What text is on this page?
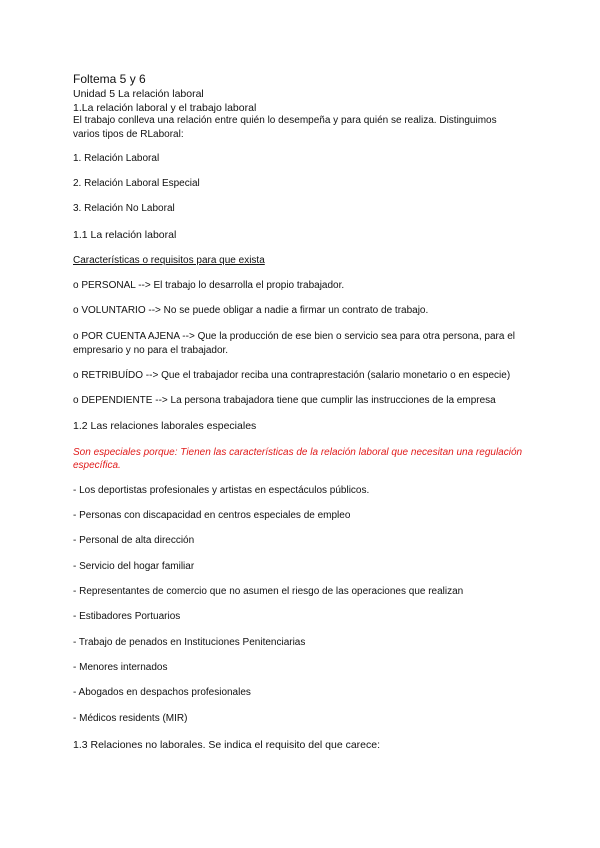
Foltema 5 y 6
Unidad 5 La relación laboral
1.La relación laboral y el trabajo laboral
El trabajo conlleva una relación entre quién lo desempeña y para quién se realiza. Distinguimos
varios tipos de RLaboral:
1. Relación Laboral
2. Relación Laboral Especial
3. Relación No Laboral
1.1 La relación laboral
Características o requisitos para que exista
o PERSONAL --> El trabajo lo desarrolla el propio trabajador.
o VOLUNTARIO --> No se puede obligar a nadie a firmar un contrato de trabajo.
o POR CUENTA AJENA --> Que la producción de ese bien o servicio sea para otra persona, para el
empresario y no para el trabajador.
o RETRIBUÍDO --> Que el trabajador reciba una contraprestación (salario monetario o en especie)
o DEPENDIENTE --> La persona trabajadora tiene que cumplir las instrucciones de la empresa
1.2 Las relaciones laborales especiales
Son especiales porque: Tienen las características de la relación laboral que necesitan una regulación
específica.
- Los deportistas profesionales y artistas en espectáculos públicos.
- Personas con discapacidad en centros especiales de empleo
- Personal de alta dirección
- Servicio del hogar familiar
- Representantes de comercio que no asumen el riesgo de las operaciones que realizan
- Estibadores Portuarios
- Trabajo de penados en Instituciones Penitenciarias
- Menores internados
- Abogados en despachos profesionales
- Médicos residents (MIR)
1.3 Relaciones no laborales. Se indica el requisito del que carece:
